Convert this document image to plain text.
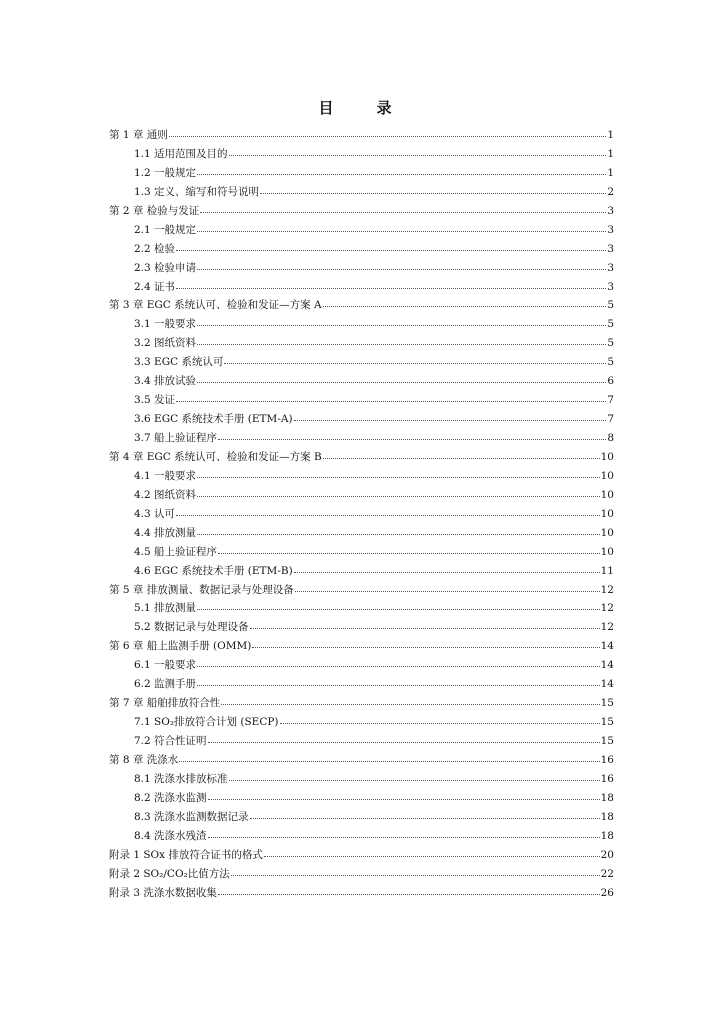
目　录
第 1 章 通则	1
1.1 适用范围及目的	1
1.2 一般规定	1
1.3 定义、缩写和符号说明	2
第 2 章 检验与发证	3
2.1 一般规定	3
2.2 检验	3
2.3 检验申请	3
2.4 证书	3
第 3 章 EGC 系统认可、检验和发证—方案 A	5
3.1 一般要求	5
3.2 图纸资料	5
3.3 EGC 系统认可	5
3.4 排放试验	6
3.5 发证	7
3.6 EGC 系统技术手册 (ETM-A)	7
3.7 船上验证程序	8
第 4 章 EGC 系统认可、检验和发证—方案 B	10
4.1 一般要求	10
4.2 图纸资料	10
4.3 认可	10
4.4 排放测量	10
4.5 船上验证程序	10
4.6 EGC 系统技术手册 (ETM-B)	11
第 5 章 排放测量、数据记录与处理设备	12
5.1 排放测量	12
5.2 数据记录与处理设备	12
第 6 章 船上监测手册 (OMM)	14
6.1 一般要求	14
6.2 监测手册	14
第 7 章 船舶排放符合性	15
7.1 SO₂排放符合计划 (SECP)	15
7.2 符合性证明	15
第 8 章 洗涤水	16
8.1 洗涤水排放标准	16
8.2 洗涤水监测	18
8.3 洗涤水监测数据记录	18
8.4 洗涤水残渣	18
附录 1 SOx 排放符合证书的格式	20
附录 2 SO₂/CO₂比值方法	22
附录 3 洗涤水数据收集	26
